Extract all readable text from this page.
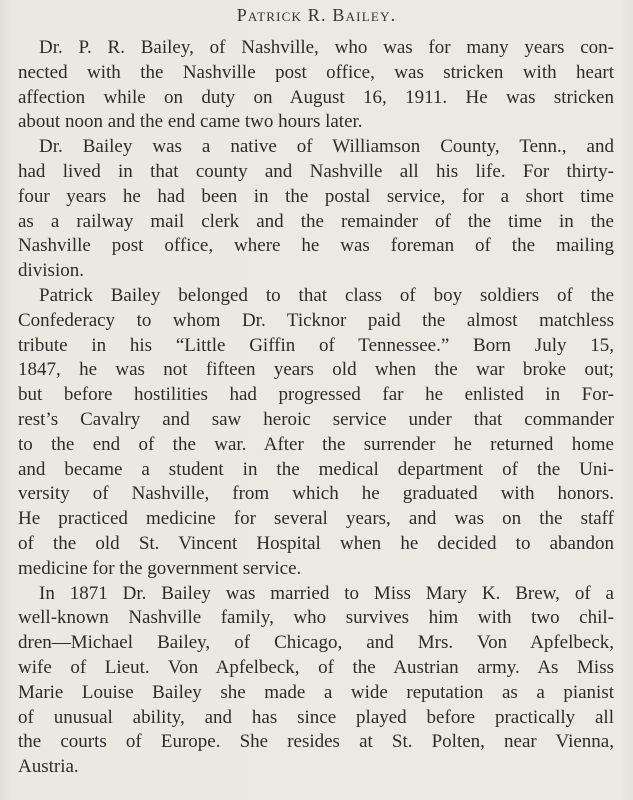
Patrick R. Bailey.
Dr. P. R. Bailey, of Nashville, who was for many years con-
nected with the Nashville post office, was stricken with heart
affection while on duty on August 16, 1911. He was stricken
about noon and the end came two hours later.
Dr. Bailey was a native of Williamson County, Tenn., and
had lived in that county and Nashville all his life. For thirty-
four years he had been in the postal service, for a short time
as a railway mail clerk and the remainder of the time in the
Nashville post office, where he was foreman of the mailing
division.
Patrick Bailey belonged to that class of boy soldiers of the
Confederacy to whom Dr. Ticknor paid the almost matchless
tribute in his “Little Giffin of Tennessee.” Born July 15,
1847, he was not fifteen years old when the war broke out;
but before hostilities had progressed far he enlisted in For-
rest’s Cavalry and saw heroic service under that commander
to the end of the war. After the surrender he returned home
and became a student in the medical department of the Uni-
versity of Nashville, from which he graduated with honors.
He practiced medicine for several years, and was on the staff
of the old St. Vincent Hospital when he decided to abandon
medicine for the government service.
In 1871 Dr. Bailey was married to Miss Mary K. Brew, of a
well-known Nashville family, who survives him with two chil-
dren—Michael Bailey, of Chicago, and Mrs. Von Apfelbeck,
wife of Lieut. Von Apfelbeck, of the Austrian army. As Miss
Marie Louise Bailey she made a wide reputation as a pianist
of unusual ability, and has since played before practically all
the courts of Europe. She resides at St. Polten, near Vienna,
Austria.
